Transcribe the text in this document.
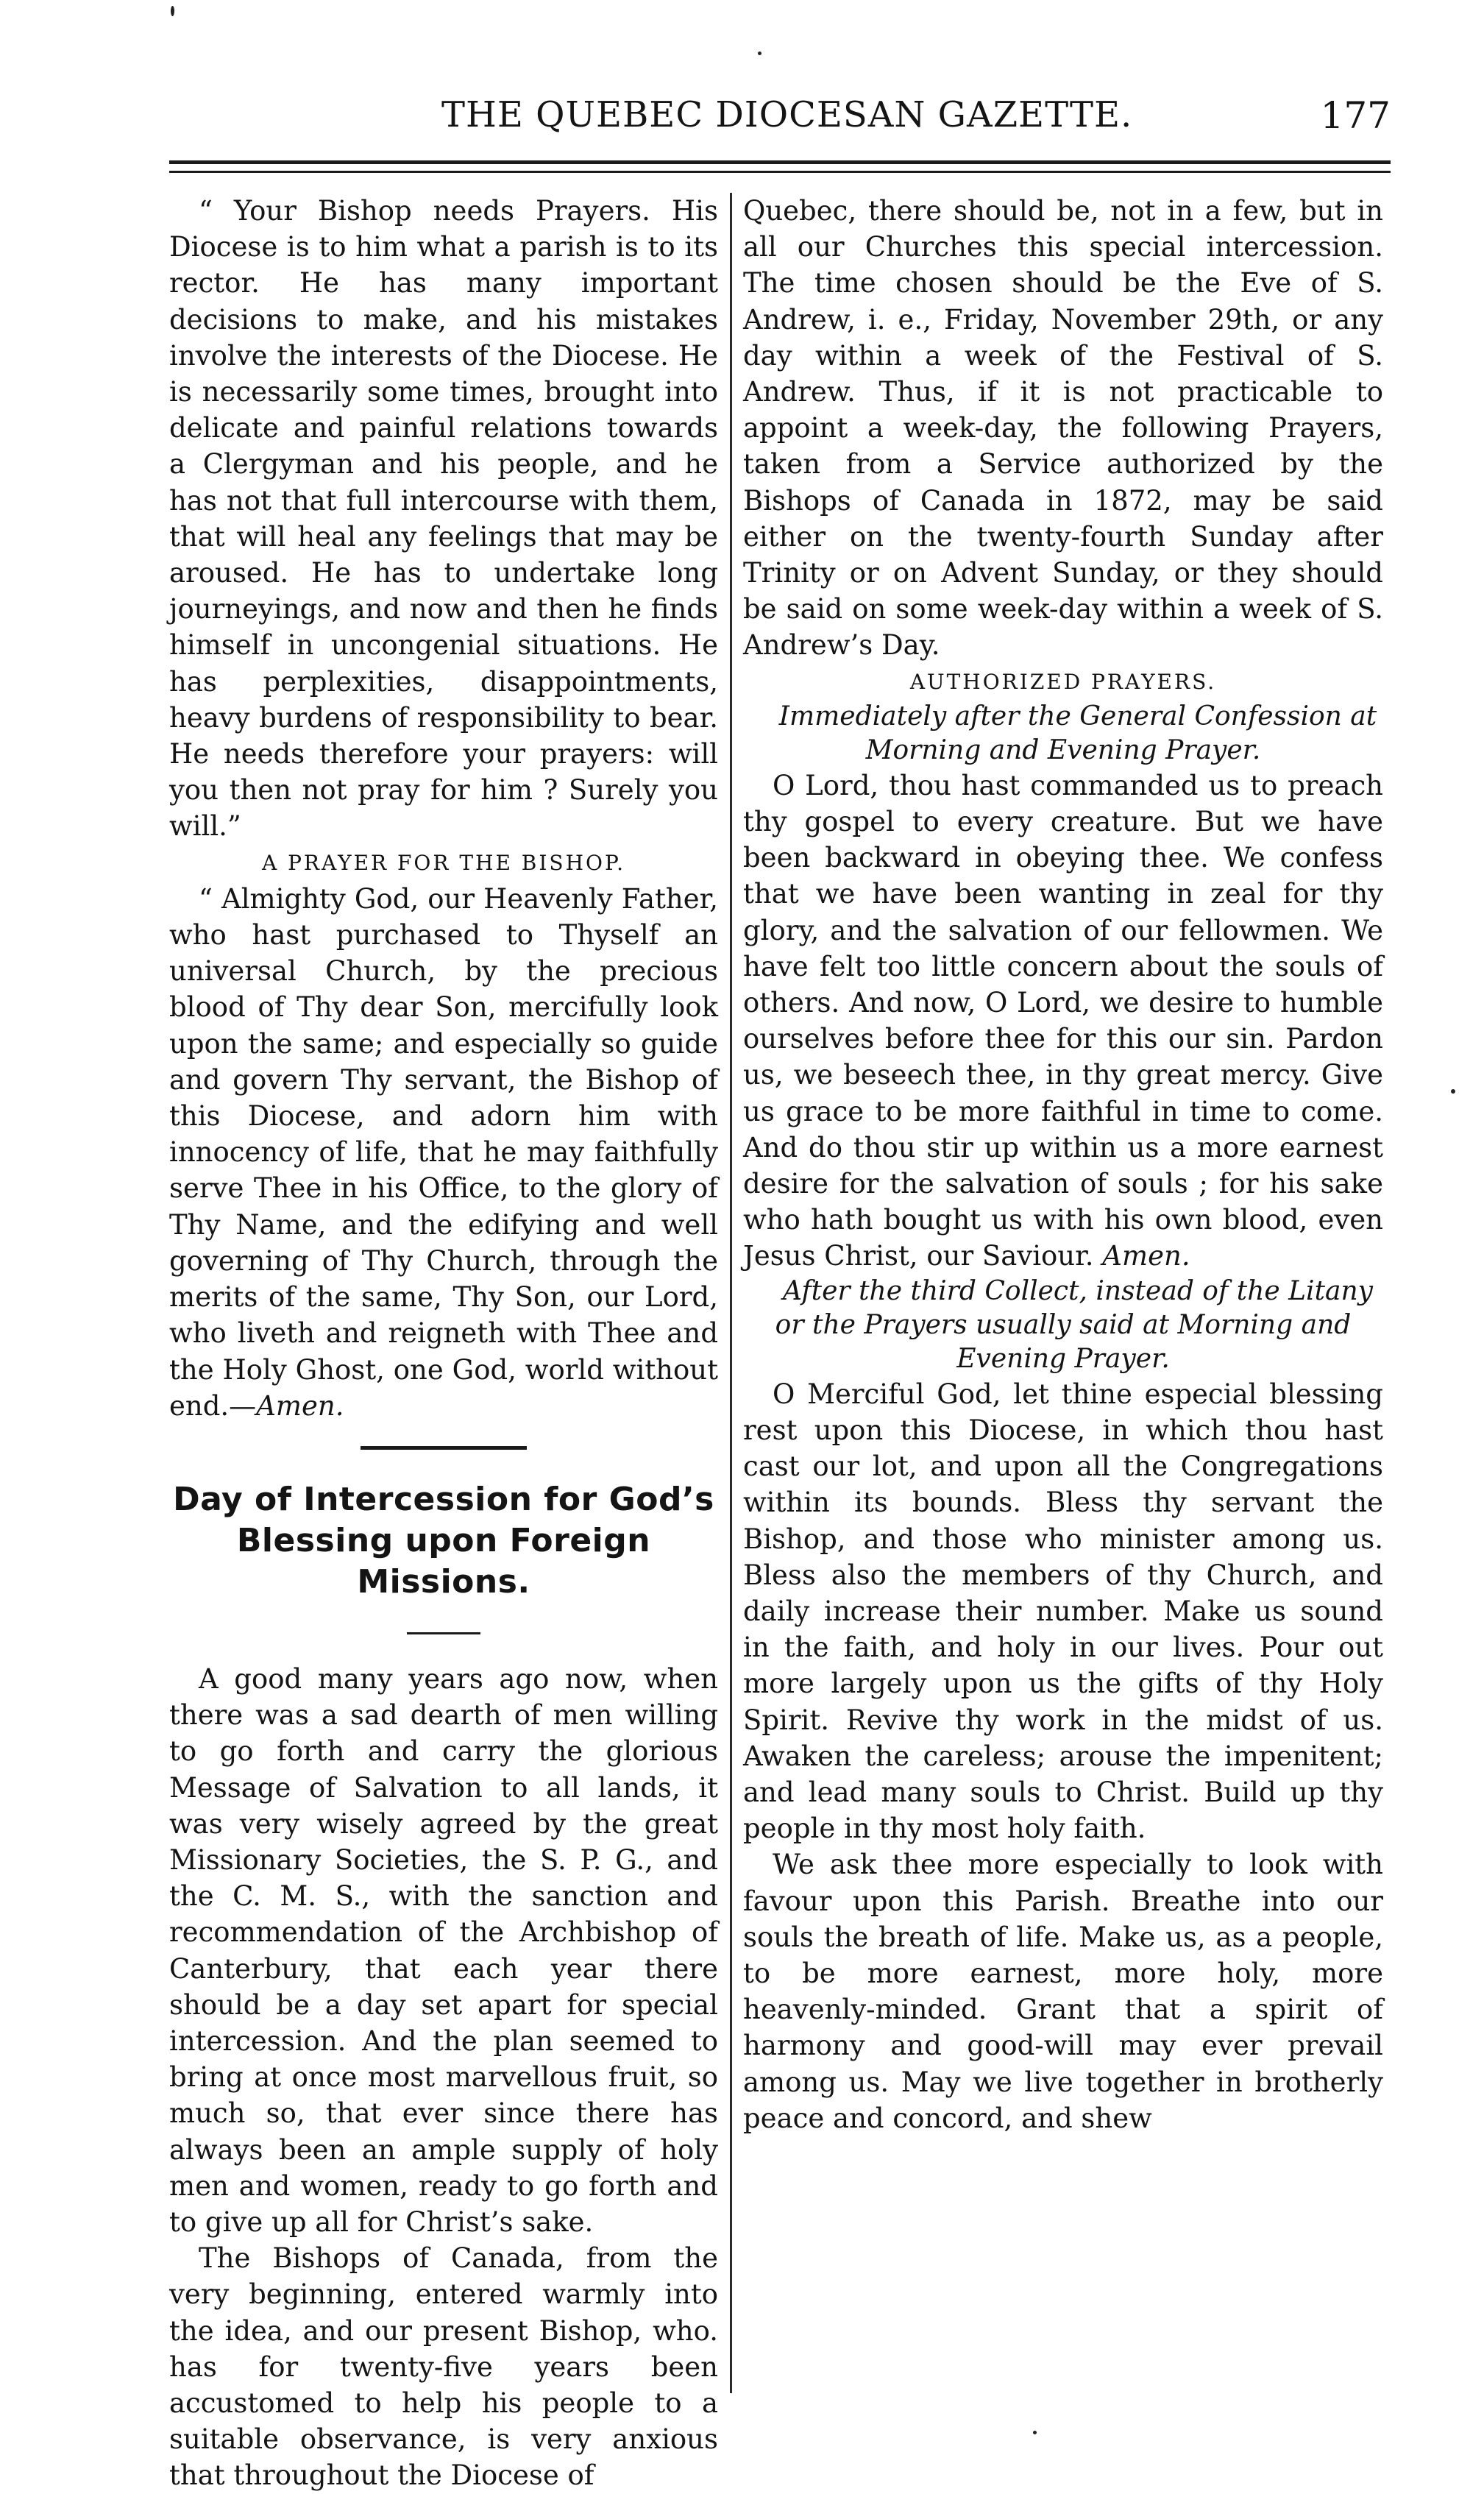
THE QUEBEC DIOCESAN GAZETTE.	177

“ Your Bishop needs Prayers. His Diocese is to him what a parish is to its rector. He has many important decisions to make, and his mistakes involve the interests of the Diocese. He is necessarily some times, brought into delicate and painful relations towards a Clergyman and his people, and he has not that full intercourse with them, that will heal any feelings that may be aroused. He has to undertake long journeyings, and now and then he finds himself in uncongenial situations. He has perplexities, disappointments, heavy burdens of responsibility to bear. He needs therefore your prayers: will you then not pray for him ? Surely you will.”

A PRAYER FOR THE BISHOP.

“ Almighty God, our Heavenly Father, who hast purchased to Thyself an universal Church, by the precious blood of Thy dear Son, mercifully look upon the same; and especially so guide and govern Thy servant, the Bishop of this Diocese, and adorn him with innocency of life, that he may faithfully serve Thee in his Office, to the glory of Thy Name, and the edifying and well governing of Thy Church, through the merits of the same, Thy Son, our Lord, who liveth and reigneth with Thee and the Holy Ghost, one God, world without end.—Amen.

Day of Intercession for God’s Blessing upon Foreign Missions.

A good many years ago now, when there was a sad dearth of men willing to go forth and carry the glorious Message of Salvation to all lands, it was very wisely agreed by the great Missionary Societies, the S. P. G., and the C. M. S., with the sanction and recommendation of the Archbishop of Canterbury, that each year there should be a day set apart for special intercession. And the plan seemed to bring at once most marvellous fruit, so much so, that ever since there has always been an ample supply of holy men and women, ready to go forth and to give up all for Christ’s sake.

The Bishops of Canada, from the very beginning, entered warmly into the idea, and our present Bishop, who. has for twenty-five years been accustomed to help his people to a suitable observance, is very anxious that throughout the Diocese of

Quebec, there should be, not in a few, but in all our Churches this special intercession. The time chosen should be the Eve of S. Andrew, i. e., Friday, November 29th, or any day within a week of the Festival of S. Andrew. Thus, if it is not practicable to appoint a week-day, the following Prayers, taken from a Service authorized by the Bishops of Canada in 1872, may be said either on the twenty-fourth Sunday after Trinity or on Advent Sunday, or they should be said on some week-day within a week of S. Andrew’s Day.

AUTHORIZED PRAYERS.

Immediately after the General Confession at Morning and Evening Prayer.

O Lord, thou hast commanded us to preach thy gospel to every creature. But we have been backward in obeying thee. We confess that we have been wanting in zeal for thy glory, and the salvation of our fellowmen. We have felt too little concern about the souls of others. And now, O Lord, we desire to humble ourselves before thee for this our sin. Pardon us, we beseech thee, in thy great mercy. Give us grace to be more faithful in time to come. And do thou stir up within us a more earnest desire for the salvation of souls ; for his sake who hath bought us with his own blood, even Jesus Christ, our Saviour. Amen.

After the third Collect, instead of the Litany or the Prayers usually said at Morning and Evening Prayer.

O Merciful God, let thine especial blessing rest upon this Diocese, in which thou hast cast our lot, and upon all the Congregations within its bounds. Bless thy servant the Bishop, and those who minister among us. Bless also the members of thy Church, and daily increase their number. Make us sound in the faith, and holy in our lives. Pour out more largely upon us the gifts of thy Holy Spirit. Revive thy work in the midst of us. Awaken the careless; arouse the impenitent; and lead many souls to Christ. Build up thy people in thy most holy faith.

We ask thee more especially to look with favour upon this Parish. Breathe into our souls the breath of life. Make us, as a people, to be more earnest, more holy, more heavenly-minded. Grant that a spirit of harmony and good-will may ever prevail among us. May we live together in brotherly peace and concord, and shew
